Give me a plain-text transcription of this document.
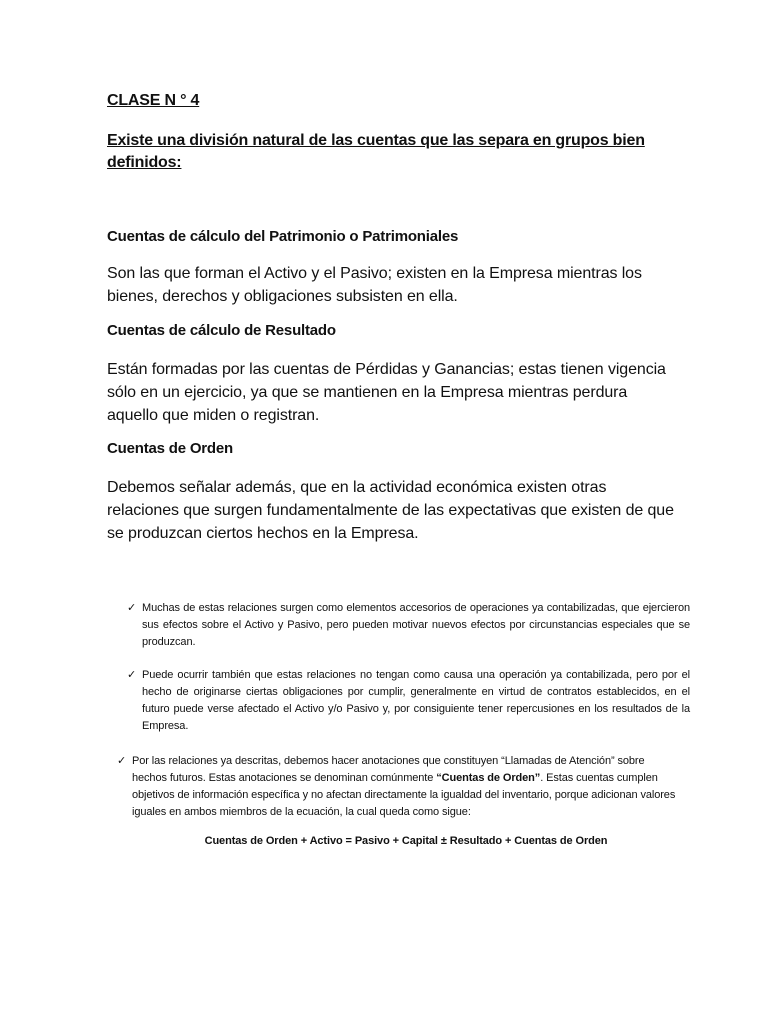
CLASE N ° 4

Existe una división natural de las cuentas que las separa en grupos bien definidos:

Cuentas de cálculo del Patrimonio o Patrimoniales

Son las que forman el Activo y el Pasivo; existen en la Empresa mientras los bienes, derechos y obligaciones subsisten en ella.

Cuentas de cálculo de Resultado

Están formadas por las cuentas de Pérdidas y Ganancias; estas tienen vigencia sólo en un ejercicio, ya que se mantienen en la Empresa mientras perdura aquello que miden o registran.

Cuentas de Orden

Debemos señalar además, que en la actividad económica existen otras relaciones que surgen fundamentalmente de las expectativas que existen de que se produzcan ciertos hechos en la Empresa.

✓ Muchas de estas relaciones surgen como elementos accesorios de operaciones ya contabilizadas, que ejercieron sus efectos sobre el Activo y Pasivo, pero pueden motivar nuevos efectos por circunstancias especiales que se produzcan.
✓ Puede ocurrir también que estas relaciones no tengan como causa una operación ya contabilizada, pero por el hecho de originarse ciertas obligaciones por cumplir, generalmente en virtud de contratos establecidos, en el futuro puede verse afectado el Activo y/o Pasivo y, por consiguiente tener repercusiones en los resultados de la Empresa.
✓ Por las relaciones ya descritas, debemos hacer anotaciones que constituyen “Llamadas de Atención” sobre hechos futuros. Estas anotaciones se denominan comúnmente “Cuentas de Orden”. Estas cuentas cumplen objetivos de información específica y no afectan directamente la igualdad del inventario, porque adicionan valores iguales en ambos miembros de la ecuación, la cual queda como sigue:

Cuentas de Orden + Activo = Pasivo + Capital ± Resultado + Cuentas de Orden
